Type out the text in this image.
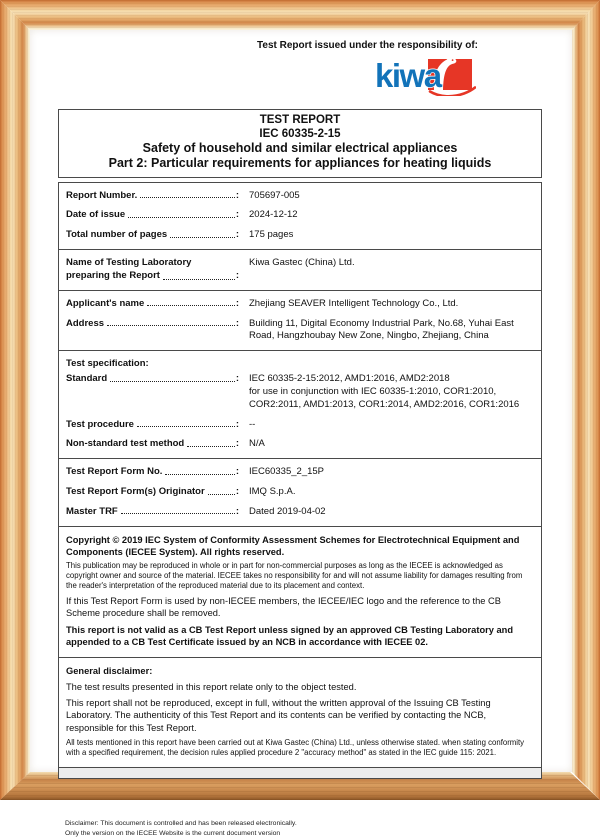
Test Report issued under the responsibility of:
kiwa
TEST REPORT
IEC 60335-2-15
Safety of household and similar electrical appliances
Part 2: Particular requirements for appliances for heating liquids
Report Number.	:	705697-005
Date of issue	:	2024-12-12
Total number of pages	:	175 pages
Name of Testing Laboratory
preparing the Report	:
Kiwa Gastec (China) Ltd.
Applicant's name	:	Zhejiang SEAVER Intelligent Technology Co., Ltd.
Address	:	Building 11, Digital Economy Industrial Park, No.68, Yuhai East Road, Hangzhoubay New Zone, Ningbo, Zhejiang, China
Test specification:
Standard	: IEC 60335-2-15:2012, AMD1:2016, AMD2:2018
for use in conjunction with IEC 60335-1:2010, COR1:2010,
COR2:2011, AMD1:2013, COR1:2014, AMD2:2016, COR1:2016
Test procedure	:	--
Non-standard test method	:	N/A
Test Report Form No.	:	IEC60335_2_15P
Test Report Form(s) Originator	:	IMQ S.p.A.
Master TRF	:	Dated 2019-04-02
Copyright © 2019 IEC System of Conformity Assessment Schemes for Electrotechnical Equipment and Components (IECEE System). All rights reserved.
This publication may be reproduced in whole or in part for non-commercial purposes as long as the IECEE is acknowledged as copyright owner and source of the material. IECEE takes no responsibility for and will not assume liability for damages resulting from the reader's interpretation of the reproduced material due to its placement and context.
If this Test Report Form is used by non-IECEE members, the IECEE/IEC logo and the reference to the CB Scheme procedure shall be removed.
This report is not valid as a CB Test Report unless signed by an approved CB Testing Laboratory and appended to a CB Test Certificate issued by an NCB in accordance with IECEE 02.
General disclaimer:
The test results presented in this report relate only to the object tested.
This report shall not be reproduced, except in full, without the written approval of the Issuing CB Testing Laboratory. The authenticity of this Test Report and its contents can be verified by contacting the NCB, responsible for this Test Report.
All tests mentioned in this report have been carried out at Kiwa Gastec (China) Ltd., unless otherwise stated. when stating conformity with a specified requirement, the decision rules applied procedure 2 "accuracy method" as stated in the IEC guide 115: 2021.
Disclaimer: This document is controlled and has been released electronically.
Only the version on the IECEE Website is the current document version
